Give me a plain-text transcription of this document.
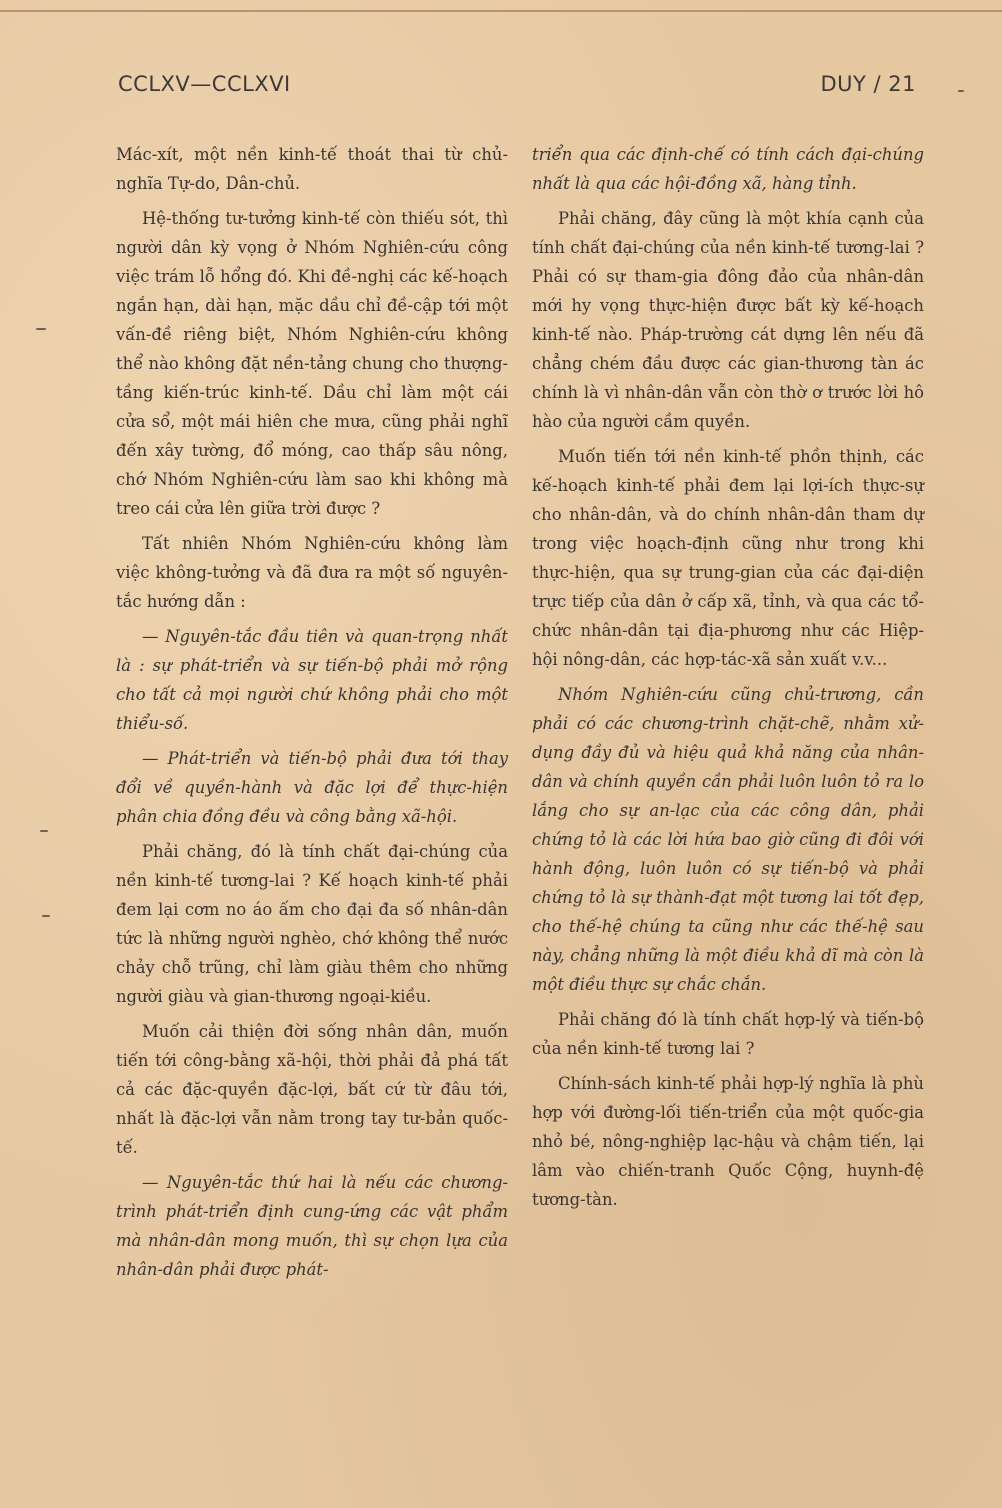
CCLXV—CCLXVI	DUY / 21

Mác-xít, một nền kinh-tế thoát thai từ chủ-nghĩa Tự-do, Dân-chủ.

Hệ-thống tư-tưởng kinh-tế còn thiếu sót, thì người dân kỳ vọng ở Nhóm Nghiên-cứu công việc trám lỗ hổng đó. Khi đề-nghị các kế-hoạch ngắn hạn, dài hạn, mặc dầu chỉ đề-cập tới một vấn-đề riêng biệt, Nhóm Nghiên-cứu không thể nào không đặt nền-tảng chung cho thượng-tầng kiến-trúc kinh-tế. Dầu chỉ làm một cái cửa sổ, một mái hiên che mưa, cũng phải nghĩ đến xây tường, đổ móng, cao thấp sâu nông, chớ Nhóm Nghiên-cứu làm sao khi không mà treo cái cửa lên giữa trời được ?

Tất nhiên Nhóm Nghiên-cứu không làm việc không-tưởng và đã đưa ra một số nguyên-tắc hướng dẫn :

— Nguyên-tắc đầu tiên và quan-trọng nhất là : sự phát-triển và sự tiến-bộ phải mở rộng cho tất cả mọi người chứ không phải cho một thiểu-số.

— Phát-triển và tiến-bộ phải đưa tới thay đổi về quyền-hành và đặc lợi để thực-hiện phân chia đồng đều và công bằng xã-hội.

Phải chăng, đó là tính chất đại-chúng của nền kinh-tế tương-lai ? Kế hoạch kinh-tế phải đem lại cơm no áo ấm cho đại đa số nhân-dân tức là những người nghèo, chớ không thể nước chảy chỗ trũng, chỉ làm giàu thêm cho những người giàu và gian-thương ngoại-kiều.

Muốn cải thiện đời sống nhân dân, muốn tiến tới công-bằng xã-hội, thời phải đả phá tất cả các đặc-quyền đặc-lợi, bất cứ từ đâu tới, nhất là đặc-lợi vẫn nằm trong tay tư-bản quốc-tế.

— Nguyên-tắc thứ hai là nếu các chương-trình phát-triển định cung-ứng các vật phẩm mà nhân-dân mong muốn, thì sự chọn lựa của nhân-dân phải được phát-

triển qua các định-chế có tính cách đại-chúng nhất là qua các hội-đồng xã, hàng tỉnh.

Phải chăng, đây cũng là một khía cạnh của tính chất đại-chúng của nền kinh-tế tương-lai ? Phải có sự tham-gia đông đảo của nhân-dân mới hy vọng thực-hiện được bất kỳ kế-hoạch kinh-tế nào. Pháp-trường cát dựng lên nếu đã chẳng chém đầu được các gian-thương tàn ác chính là vì nhân-dân vẫn còn thờ ơ trước lời hô hào của người cầm quyền.

Muốn tiến tới nền kinh-tế phồn thịnh, các kế-hoạch kinh-tế phải đem lại lợi-ích thực-sự cho nhân-dân, và do chính nhân-dân tham dự trong việc hoạch-định cũng như trong khi thực-hiện, qua sự trung-gian của các đại-diện trực tiếp của dân ở cấp xã, tỉnh, và qua các tổ-chức nhân-dân tại địa-phương như các Hiệp-hội nông-dân, các hợp-tác-xã sản xuất v.v...

Nhóm Nghiên-cứu cũng chủ-trương, cần phải có các chương-trình chặt-chẽ, nhằm xử-dụng đầy đủ và hiệu quả khả năng của nhân-dân và chính quyền cần phải luôn luôn tỏ ra lo lắng cho sự an-lạc của các công dân, phải chứng tỏ là các lời hứa bao giờ cũng đi đôi với hành động, luôn luôn có sự tiến-bộ và phải chứng tỏ là sự thành-đạt một tương lai tốt đẹp, cho thế-hệ chúng ta cũng như các thế-hệ sau này, chẳng những là một điều khả dĩ mà còn là một điều thực sự chắc chắn.

Phải chăng đó là tính chất hợp-lý và tiến-bộ của nền kinh-tế tương lai ?

Chính-sách kinh-tế phải hợp-lý nghĩa là phù hợp với đường-lối tiến-triển của một quốc-gia nhỏ bé, nông-nghiệp lạc-hậu và chậm tiến, lại lâm vào chiến-tranh Quốc Cộng, huynh-đệ tương-tàn.
